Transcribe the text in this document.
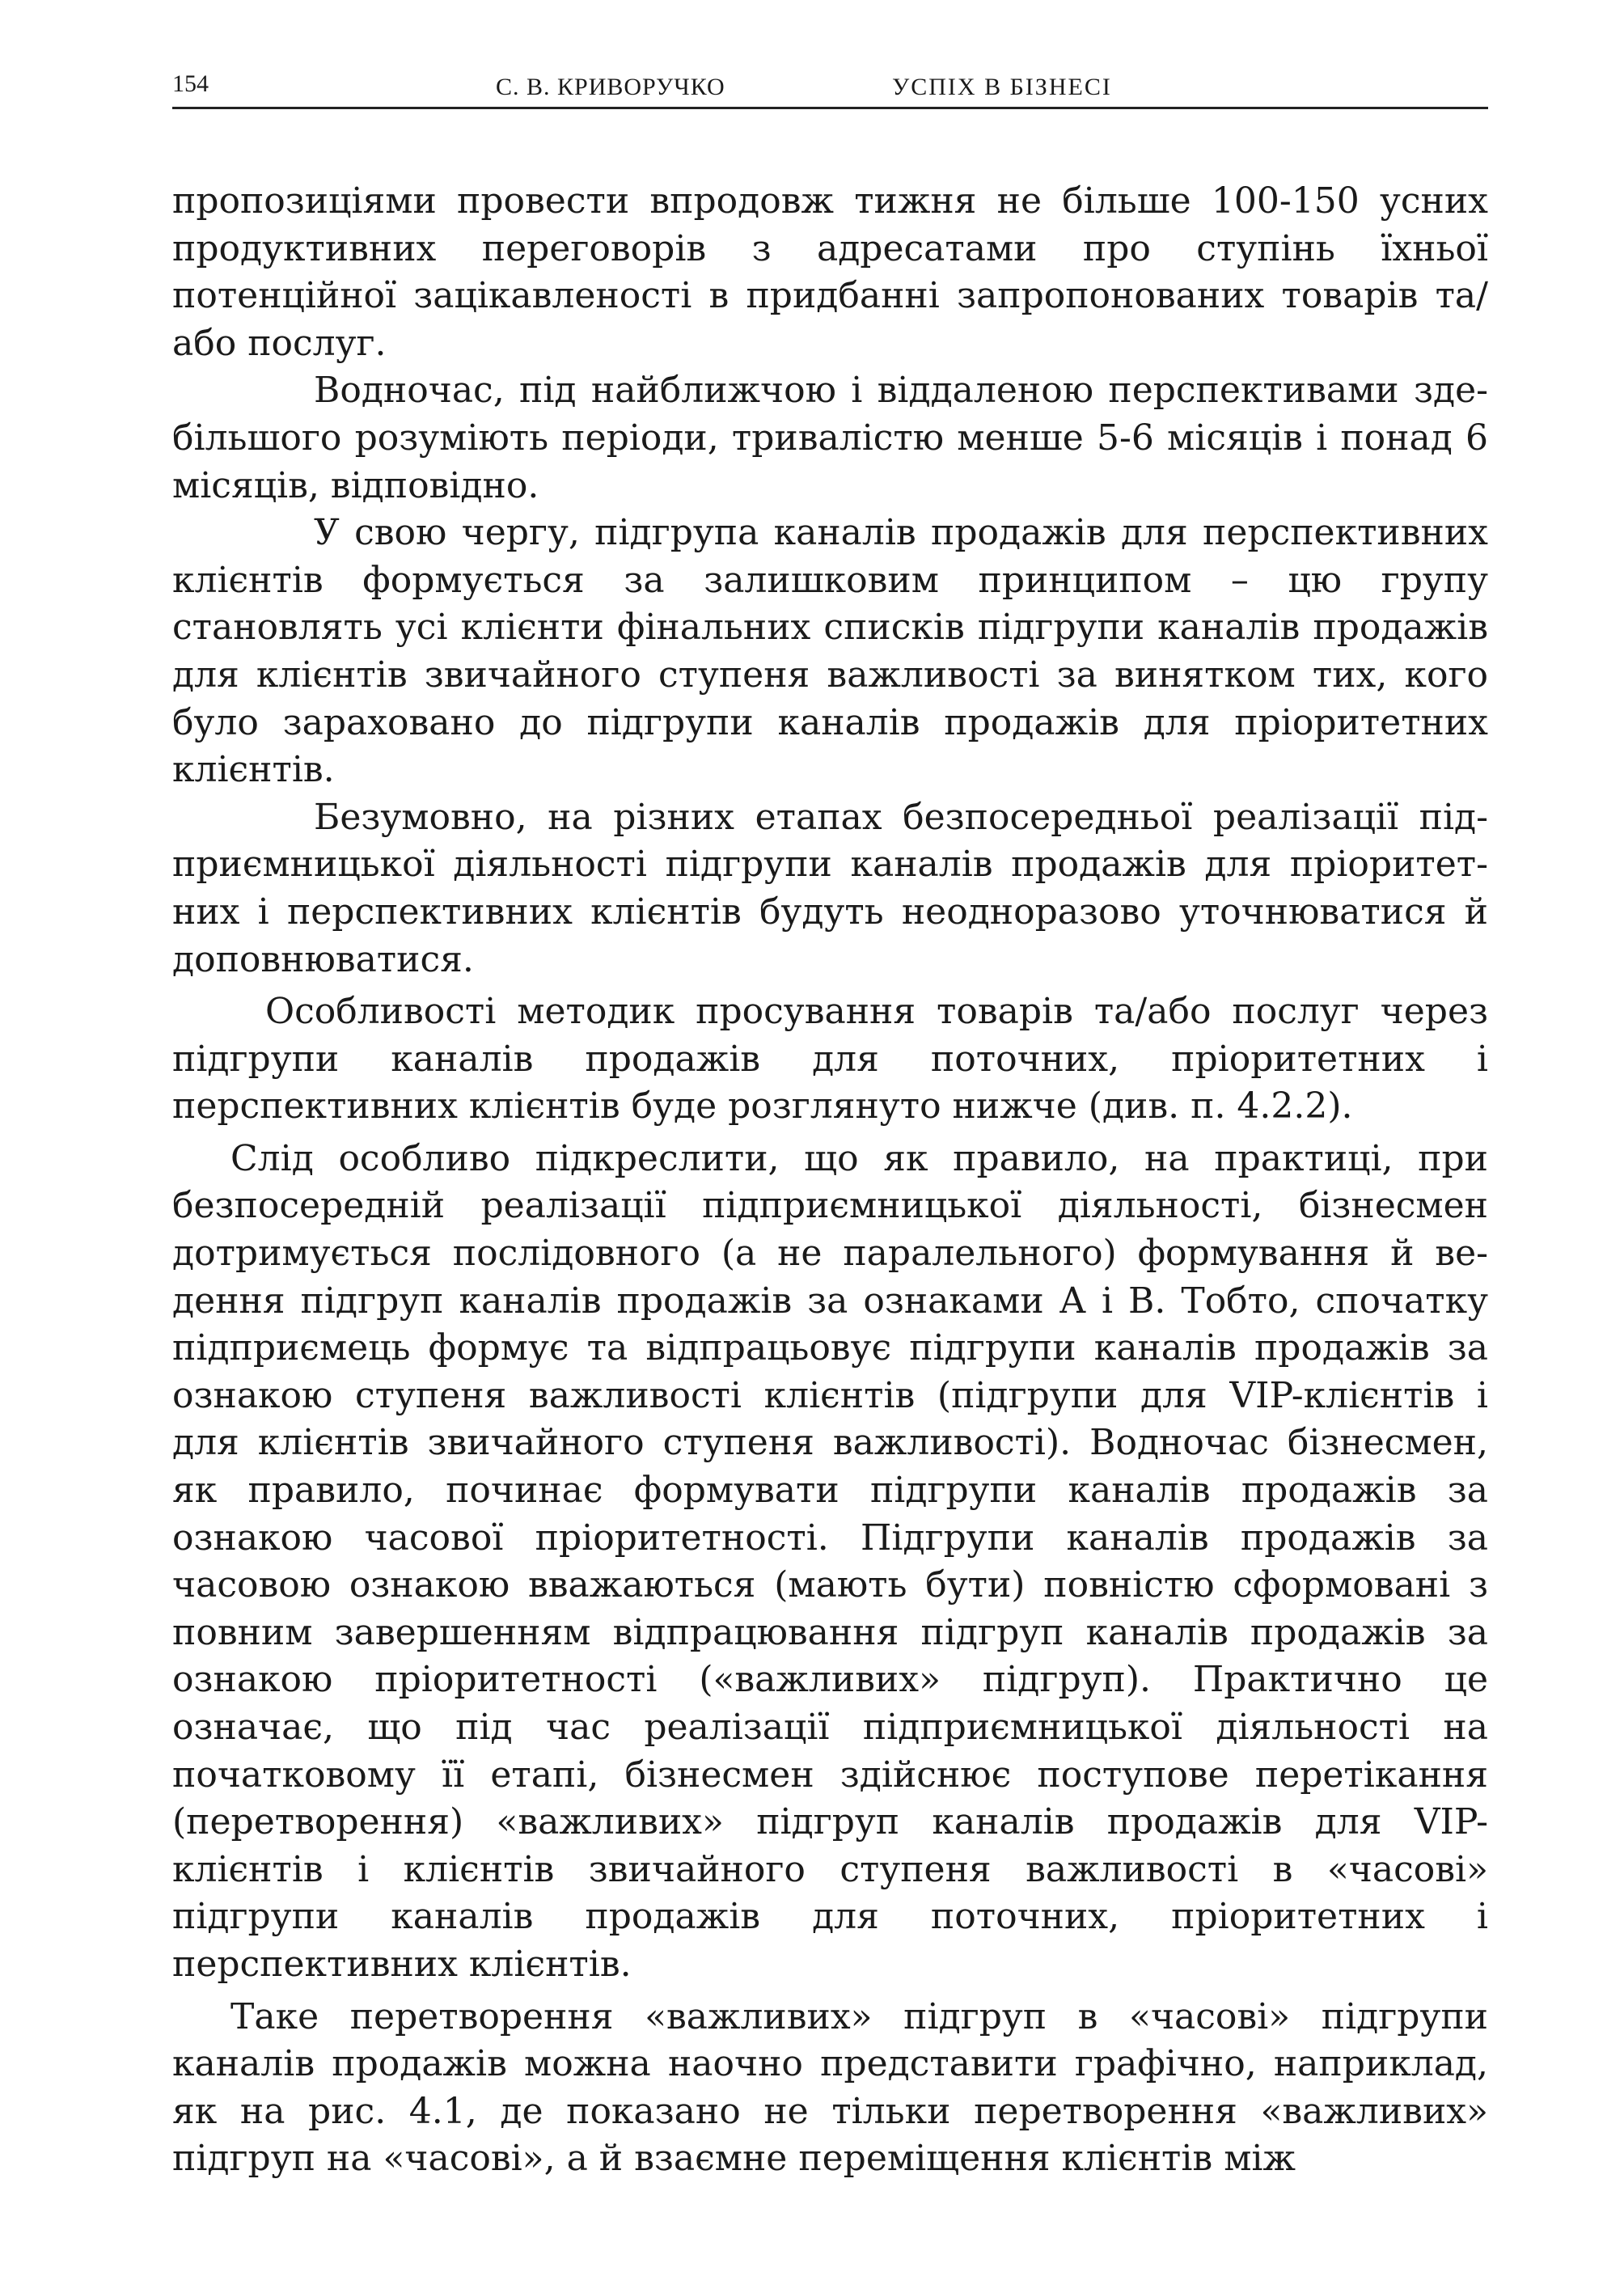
154	С. В. КРИВОРУЧКО	УСПІХ В БІЗНЕСІ

пропозиціями провести впродовж тижня не більше 100-150 усних продуктивних переговорів з адресатами про ступінь їхньої потенційної зацікавленості в придбанні запропонованих товарів та/або послуг.

Водночас, під найближчою і віддаленою перспективами здебільшого розуміють періоди, тривалістю менше 5-6 місяців і понад 6 місяців, відповідно.

У свою чергу, підгрупа каналів продажів для перспективних клієнтів формується за залишковим принципом – цю групу становлять усі клієнти фінальних списків підгрупи каналів продажів для клієнтів звичайного ступеня важливості за винятком тих, кого було зараховано до підгрупи каналів продажів для пріоритетних клієнтів.

Безумовно, на різних етапах безпосередньої реалізації підприємницької діяльності підгрупи каналів продажів для пріоритетних і перспективних клієнтів будуть неодноразово уточнюватися й доповнюватися.

Особливості методик просування товарів та/або послуг через підгрупи каналів продажів для поточних, пріоритетних і перспективних клієнтів буде розглянуто нижче (див. п. 4.2.2).

Слід особливо підкреслити, що як правило, на практиці, при безпосередній реалізації підприємницької діяльності, бізнесмен дотримується послідовного (а не паралельного) формування й ведення підгруп каналів продажів за ознаками А і В. Тобто, спочатку підприємець формує та відпрацьовує підгрупи каналів продажів за ознакою ступеня важливості клієнтів (підгрупи для VIP-клієнтів і для клієнтів звичайного ступеня важливості). Водночас бізнесмен, як правило, починає формувати підгрупи каналів продажів за ознакою часової пріоритетності. Підгрупи каналів продажів за часовою ознакою вважаються (мають бути) повністю сформовані з повним завершенням відпрацювання підгруп каналів продажів за ознакою пріоритетності («важливих» підгруп). Практично це означає, що під час реалізації підприємницької діяльності на початковому її етапі, бізнесмен здійснює поступове перетікання (перетворення) «важливих» підгруп каналів продажів для VIP-клієнтів і клієнтів звичайного ступеня важливості в «часові» підгрупи каналів продажів для поточних, пріоритетних і перспективних клієнтів.

Таке перетворення «важливих» підгруп в «часові» підгрупи каналів продажів можна наочно представити графічно, наприклад, як на рис. 4.1, де показано не тільки перетворення «важливих» підгруп на «часові», а й взаємне переміщення клієнтів між
